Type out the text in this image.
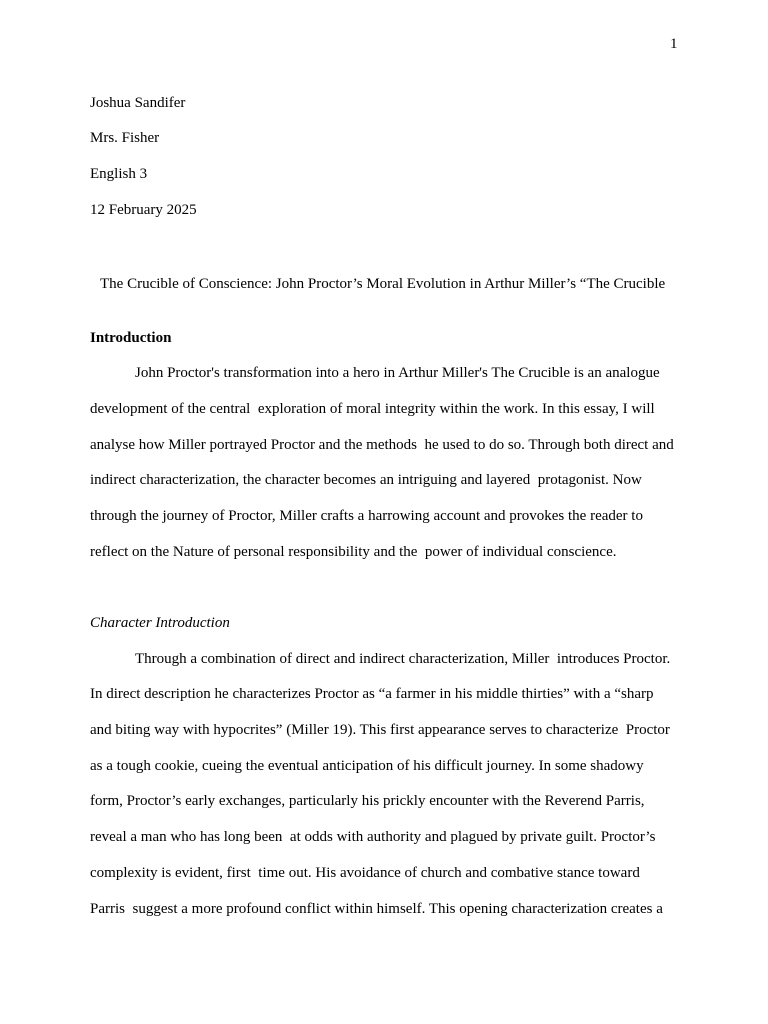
1
Joshua Sandifer
Mrs. Fisher
English 3
12 February 2025
The Crucible of Conscience: John Proctor’s Moral Evolution in Arthur Miller’s “The Crucible
Introduction
John Proctor's transformation into a hero in Arthur Miller's The Crucible is an analogue
development of the central  exploration of moral integrity within the work. In this essay, I will
analyse how Miller portrayed Proctor and the methods  he used to do so. Through both direct and
indirect characterization, the character becomes an intriguing and layered  protagonist. Now
through the journey of Proctor, Miller crafts a harrowing account and provokes the reader to
reflect on the Nature of personal responsibility and the  power of individual conscience.
Character Introduction
Through a combination of direct and indirect characterization, Miller  introduces Proctor.
In direct description he characterizes Proctor as “a farmer in his middle thirties” with a “sharp
and biting way with hypocrites” (Miller 19). This first appearance serves to characterize  Proctor
as a tough cookie, cueing the eventual anticipation of his difficult journey. In some shadowy
form, Proctor’s early exchanges, particularly his prickly encounter with the Reverend Parris,
reveal a man who has long been  at odds with authority and plagued by private guilt. Proctor’s
complexity is evident, first  time out. His avoidance of church and combative stance toward
Parris  suggest a more profound conflict within himself. This opening characterization creates a
